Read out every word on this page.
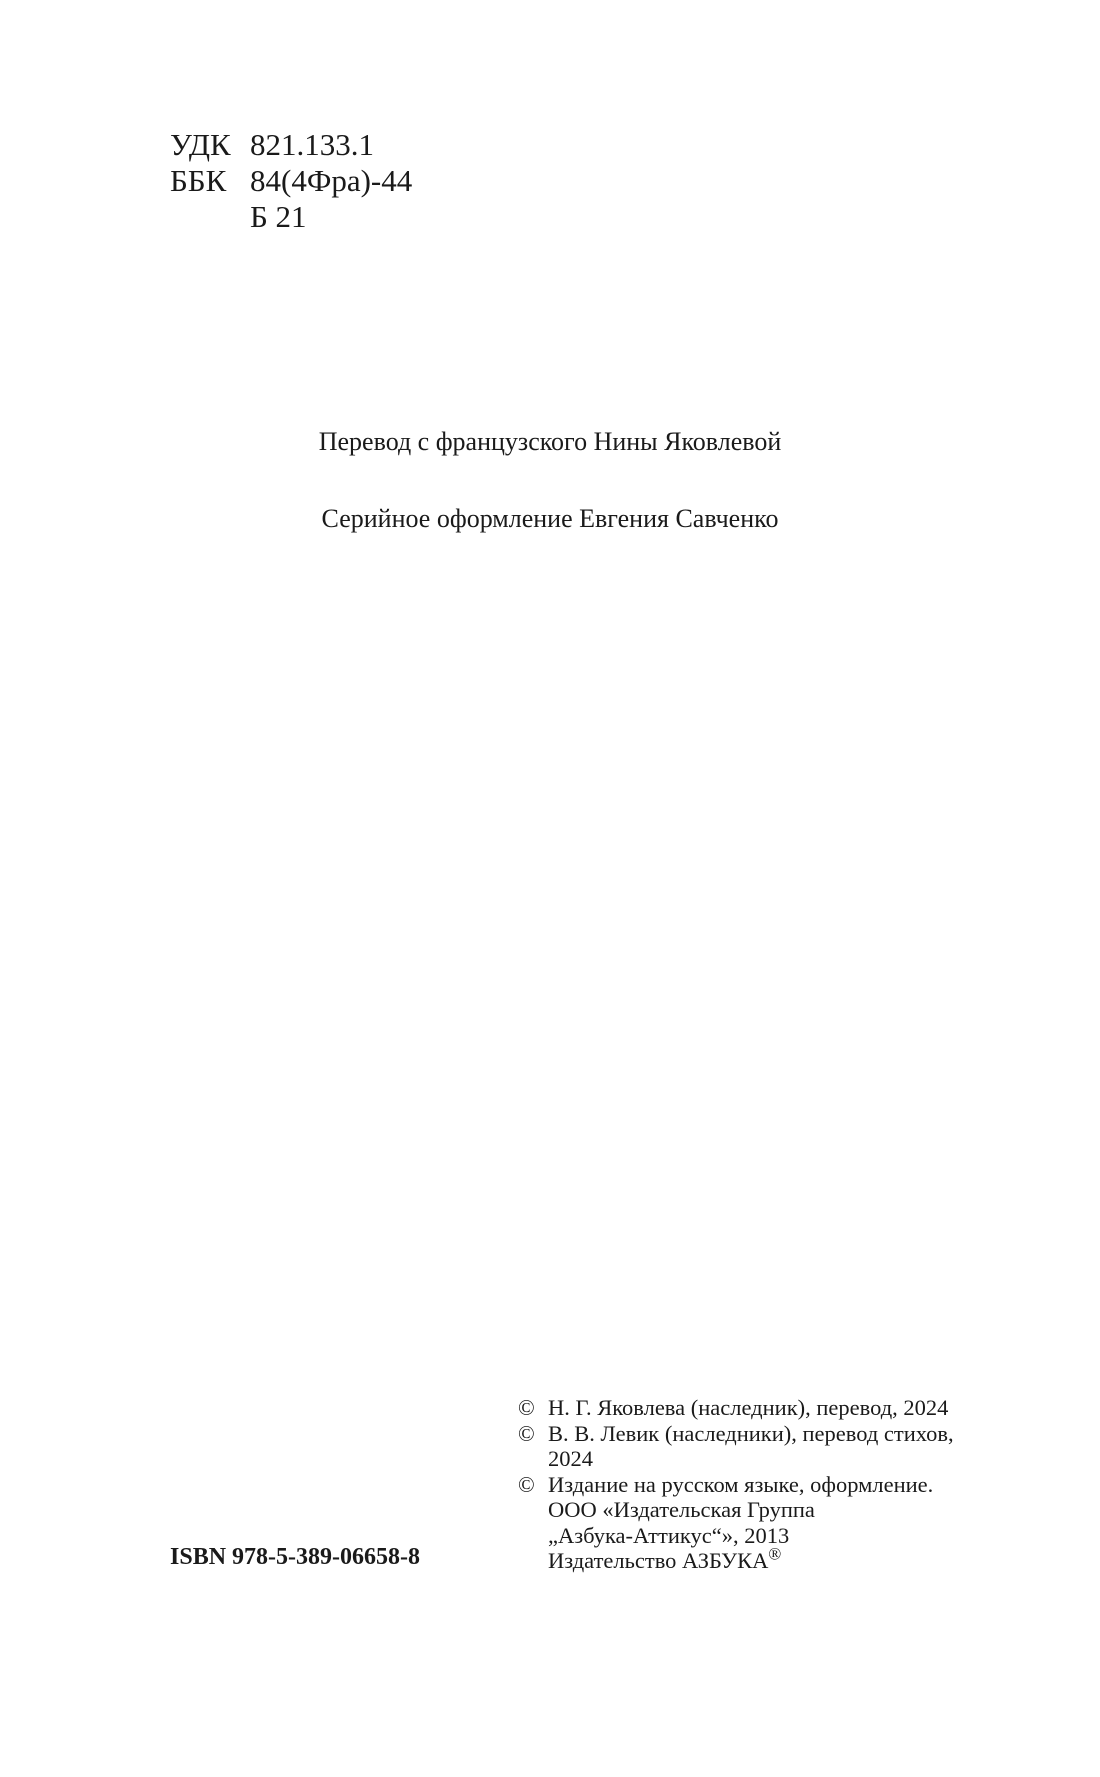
УДК 821.133.1
ББК 84(4Фра)-44
Б 21
Перевод с французского Нины Яковлевой
Серийное оформление Евгения Савченко
ISBN 978-5-389-06658-8
© Н. Г. Яковлева (наследник), перевод, 2024
© В. В. Левик (наследники), перевод стихов,
2024
© Издание на русском языке, оформление.
ООО «Издательская Группа
„Азбука-Аттикус“», 2013
Издательство АЗБУКА®
